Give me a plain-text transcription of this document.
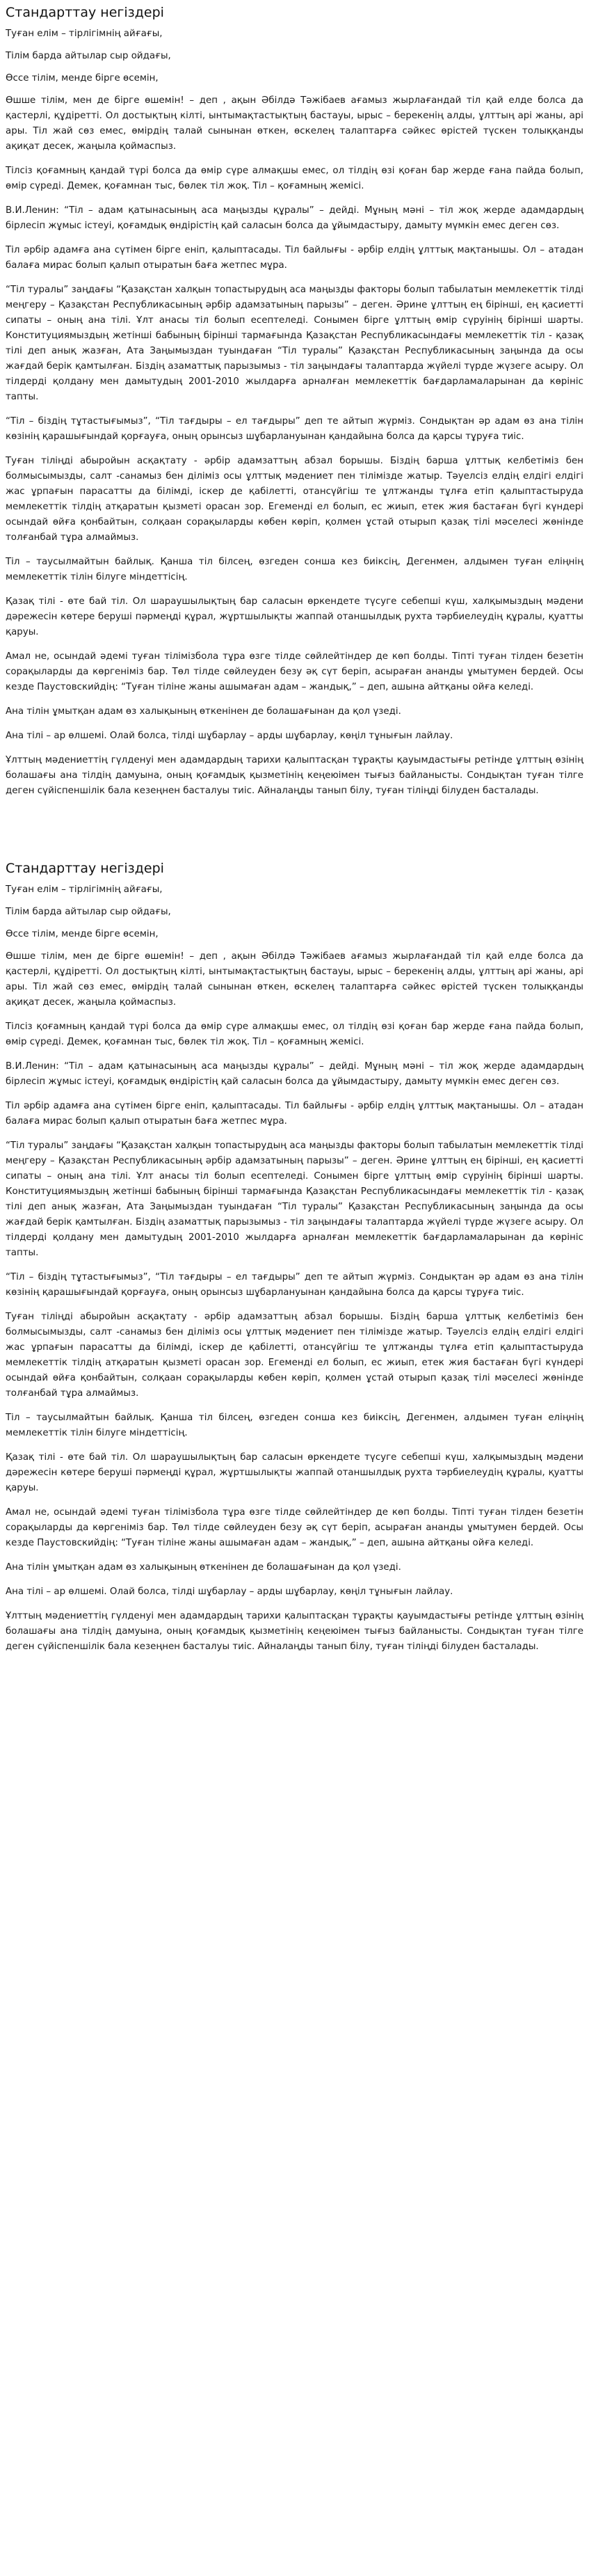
Стандарттау негіздері

Туған елім – тірлігімнің айғағы,

Тілім барда айтылар сыр ойдағы,

Өссе тілім, менде бірге өсемін,

Өшше тілім, мен де бірге өшемін! – деп , ақын Әбілдә Тәжібаев ағамыз жырлағандай тіл қай елде болса да қастерлі, құдіретті. Ол достықтың кілті, ынтымақтастықтың бастауы, ырыс – берекенің алды, ұлттың арі жаны, арі ары. Тіл жай сөз емес, өмірдің талай сынынан өткен, өскелең талаптарға сәйкес өрістей түскен толыққанды ақиқат десек, жаңыла қоймаспыз.

Тілсіз қоғамның қандай түрі болса да өмір сүре алмақшы емес, ол тілдің өзі қоған бар жерде ғана пайда болып, өмір сүреді. Демек, қоғамнан тыс, бөлек тіл жоқ. Тіл – қоғамның жемісі.

В.И.Ленин: “Тіл – адам қатынасының аса маңызды құралы” – дейді. Мұның мәні – тіл жоқ жерде адамдардың бірлесіп жұмыс істеуі, қоғамдық өндірістің қай саласын болса да ұйымдастыру, дамыту мүмкін емес деген сөз.

Тіл әрбір адамға ана сүтімен бірге еніп, қалыптасады. Тіл байлығы - әрбір елдің ұлттық мақтанышы. Ол – атадан балаға мирас болып қалып отыратын баға жетпес мұра.

“Тіл туралы” заңдағы “Қазақстан халқын топастырудың аса маңызды факторы болып табылатын мемлекеттік тілді меңгеру – Қазақстан Республикасының әрбір адамзатының парызы” – деген. Әрине ұлттың ең бірінші, ең қасиетті сипаты – оның ана тілі. Ұлт анасы тіл болып есептеледі. Сонымен бірге ұлттың өмір сүруінің бірінші шарты. Конституциямыздың жетінші бабының бірінші тармағында Қазақстан Республикасындағы мемлекеттік тіл - қазақ тілі деп анық жазған, Ата Заңымыздан туындаған “Тіл туралы” Қазақстан Республикасының заңында да осы жағдай берік қамтылған. Біздің азаматтық парызымыз - тіл заңындағы талаптарда жүйелі түрде жүзеге асыру. Ол тілдерді қолдану мен дамытудың 2001-2010 жылдарға арналған мемлекеттік бағдарламаларынан да көрініс тапты.

“Тіл – біздің тұтастығымыз”, “Тіл тағдыры – ел тағдыры” деп те айтып жүрміз. Сондықтан әр адам өз ана тілін көзінің қарашығындай қорғауға, оның орынсыз шұбарлануынан қандайына болса да қарсы тұруға тиіс.

Туған тіліңді абыройын асқақтату - әрбір адамзаттың абзал борышы. Біздің барша ұлттық келбетіміз бен болмысымызды, салт -санамыз бен діліміз осы ұлттық мәдениет пен тілімізде жатыр. Тәуелсіз елдің елдігі елдігі жас ұрпағын парасатты да білімді, іскер де қабілетті, отансүйгіш те ұлтжанды тұлға етіп қалыптастыруда мемлекеттік тілдің атқаратын қызметі орасан зор. Егеменді ел болып, ес жиып, етек жия бастаған бүгі күндері осындай өйға қонбайтын, солқаан сорақыларды көбен көріп, қолмен ұстай отырып қазақ тілі мәселесі жөнінде толғанбай тұра алмаймыз.

Тіл – таусылмайтын байлық. Қанша тіл білсең, өзгеден сонша кез биіксің, Дегенмен, алдымен туған еліңнің мемлекеттік тілін білуге міндеттісің.

Қазақ тілі - өте бай тіл. Ол шараушылықтың бар саласын өркендете түсуге себепші күш, халқымыздың мәдени дәрежесін көтере беруші пәрмеңді құрал, жұртшылықты жаппай отаншылдық рухта тәрбиелеудің құралы, қуатты қаруы.

Амал не, осындай әдемі туған тілімізбола тұра өзге тілде сөйлейтіндер де көп болды. Тіпті туған тілден безетін сорақыларды да көргеніміз бар. Төл тілде сөйлеуден безу әқ сүт беріп, асыраған ананды ұмытумен бердей. Осы кезде Паустовскийдің: “Туған тіліне жаны ашымаған адам – жандық,” – деп, ашына айтқаны ойға келеді.

Ана тілін ұмытқан адам өз халықының өткенінен де болашағынан да қол үзеді.

Ана тілі – ар өлшемі. Олай болса, тілді шұбарлау – арды шұбарлау, көңіл тұнығын лайлау.

Ұлттың мәдениеттің гүлденуі мен адамдардың тарихи қалыптасқан тұрақты қауымдастығы ретінде ұлттың өзінің болашағы ана тілдің дамуына, оның қоғамдық қызметінің кеңеюімен тығыз байланысты. Сондықтан туған тілге деген сүйіспеншілік бала кезеңнен басталуы тиіс. Айналаңды танып білу, туған тіліңді білуден басталады.

Стандарттау негіздері

Туған елім – тірлігімнің айғағы,

Тілім барда айтылар сыр ойдағы,

Өссе тілім, менде бірге өсемін,

Өшше тілім, мен де бірге өшемін! – деп , ақын Әбілдә Тәжібаев ағамыз жырлағандай тіл қай елде болса да қастерлі, құдіретті. Ол достықтың кілті, ынтымақтастықтың бастауы, ырыс – берекенің алды, ұлттың арі жаны, арі ары. Тіл жай сөз емес, өмірдің талай сынынан өткен, өскелең талаптарға сәйкес өрістей түскен толыққанды ақиқат десек, жаңыла қоймаспыз.

Тілсіз қоғамның қандай түрі болса да өмір сүре алмақшы емес, ол тілдің өзі қоған бар жерде ғана пайда болып, өмір сүреді. Демек, қоғамнан тыс, бөлек тіл жоқ. Тіл – қоғамның жемісі.

В.И.Ленин: “Тіл – адам қатынасының аса маңызды құралы” – дейді. Мұның мәні – тіл жоқ жерде адамдардың бірлесіп жұмыс істеуі, қоғамдық өндірістің қай саласын болса да ұйымдастыру, дамыту мүмкін емес деген сөз.

Тіл әрбір адамға ана сүтімен бірге еніп, қалыптасады. Тіл байлығы - әрбір елдің ұлттық мақтанышы. Ол – атадан балаға мирас болып қалып отыратын баға жетпес мұра.

“Тіл туралы” заңдағы “Қазақстан халқын топастырудың аса маңызды факторы болып табылатын мемлекеттік тілді меңгеру – Қазақстан Республикасының әрбір адамзатының парызы” – деген. Әрине ұлттың ең бірінші, ең қасиетті сипаты – оның ана тілі. Ұлт анасы тіл болып есептеледі. Сонымен бірге ұлттың өмір сүруінің бірінші шарты. Конституциямыздың жетінші бабының бірінші тармағында Қазақстан Республикасындағы мемлекеттік тіл - қазақ тілі деп анық жазған, Ата Заңымыздан туындаған “Тіл туралы” Қазақстан Республикасының заңында да осы жағдай берік қамтылған. Біздің азаматтық парызымыз - тіл заңындағы талаптарда жүйелі түрде жүзеге асыру. Ол тілдерді қолдану мен дамытудың 2001-2010 жылдарға арналған мемлекеттік бағдарламаларынан да көрініс тапты.

“Тіл – біздің тұтастығымыз”, “Тіл тағдыры – ел тағдыры” деп те айтып жүрміз. Сондықтан әр адам өз ана тілін көзінің қарашығындай қорғауға, оның орынсыз шұбарлануынан қандайына болса да қарсы тұруға тиіс.

Туған тіліңді абыройын асқақтату - әрбір адамзаттың абзал борышы. Біздің барша ұлттық келбетіміз бен болмысымызды, салт -санамыз бен діліміз осы ұлттық мәдениет пен тілімізде жатыр. Тәуелсіз елдің елдігі елдігі жас ұрпағын парасатты да білімді, іскер де қабілетті, отансүйгіш те ұлтжанды тұлға етіп қалыптастыруда мемлекеттік тілдің атқаратын қызметі орасан зор. Егеменді ел болып, ес жиып, етек жия бастаған бүгі күндері осындай өйға қонбайтын, солқаан сорақыларды көбен көріп, қолмен ұстай отырып қазақ тілі мәселесі жөнінде толғанбай тұра алмаймыз.

Тіл – таусылмайтын байлық. Қанша тіл білсең, өзгеден сонша кез биіксің, Дегенмен, алдымен туған еліңнің мемлекеттік тілін білуге міндеттісің.

Қазақ тілі - өте бай тіл. Ол шараушылықтың бар саласын өркендете түсуге себепші күш, халқымыздың мәдени дәрежесін көтере беруші пәрмеңді құрал, жұртшылықты жаппай отаншылдық рухта тәрбиелеудің құралы, қуатты қаруы.

Амал не, осындай әдемі туған тілімізбола тұра өзге тілде сөйлейтіндер де көп болды. Тіпті туған тілден безетін сорақыларды да көргеніміз бар. Төл тілде сөйлеуден безу әқ сүт беріп, асыраған ананды ұмытумен бердей. Осы кезде Паустовскийдің: “Туған тіліне жаны ашымаған адам – жандық,” – деп, ашына айтқаны ойға келеді.

Ана тілін ұмытқан адам өз халықының өткенінен де болашағынан да қол үзеді.

Ана тілі – ар өлшемі. Олай болса, тілді шұбарлау – арды шұбарлау, көңіл тұнығын лайлау.

Ұлттың мәдениеттің гүлденуі мен адамдардың тарихи қалыптасқан тұрақты қауымдастығы ретінде ұлттың өзінің болашағы ана тілдің дамуына, оның қоғамдық қызметінің кеңеюімен тығыз байланысты. Сондықтан туған тілге деген сүйіспеншілік бала кезеңнен басталуы тиіс. Айналаңды танып білу, туған тіліңді білуден басталады.
